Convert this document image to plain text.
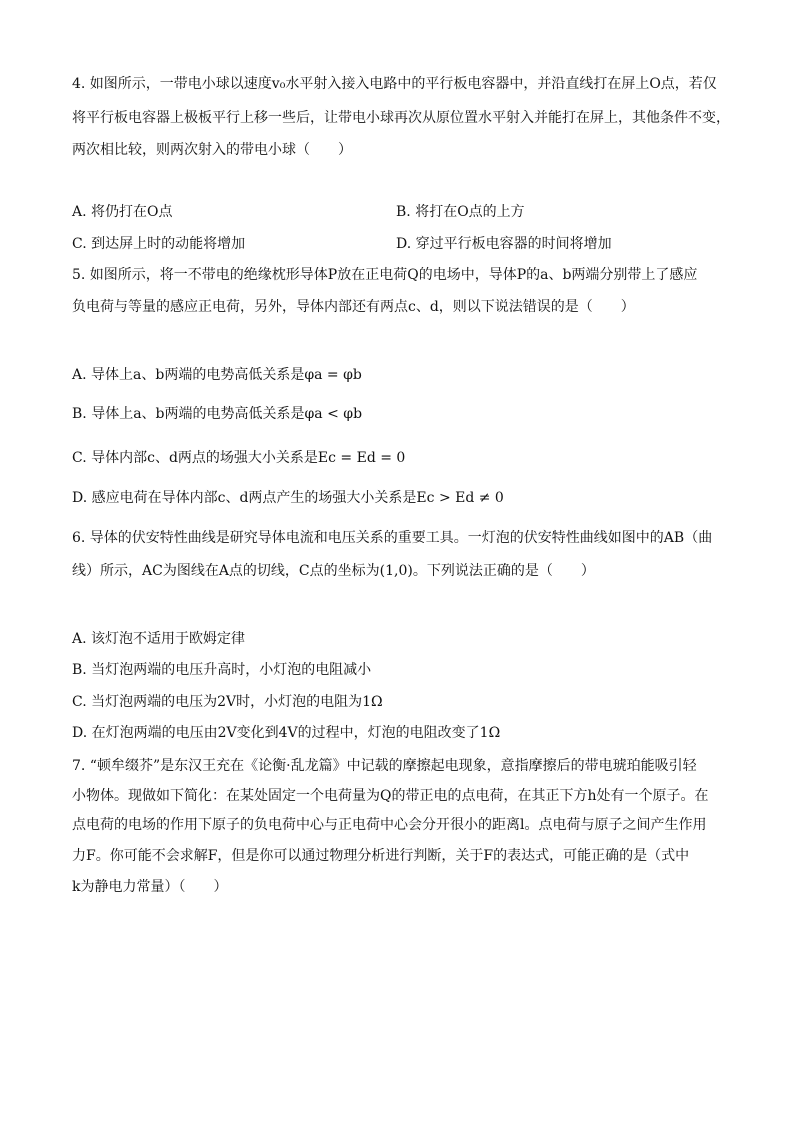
4. 如图所示，一带电小球以速度v₀水平射入接入电路中的平行板电容器中，并沿直线打在屏上O点，若仅
将平行板电容器上极板平行上移一些后，让带电小球再次从原位置水平射入并能打在屏上，其他条件不变，
两次相比较，则两次射入的带电小球（　　）
A. 将仍打在O点	B. 将打在O点的上方
C. 到达屏上时的动能将增加	D. 穿过平行板电容器的时间将增加
5. 如图所示，将一不带电的绝缘枕形导体P放在正电荷Q的电场中，导体P的a、b两端分别带上了感应
负电荷与等量的感应正电荷，另外，导体内部还有两点c、d，则以下说法错误的是（　　）
A. 导体上a、b两端的电势高低关系是φa = φb
B. 导体上a、b两端的电势高低关系是φa < φb
C. 导体内部c、d两点的场强大小关系是Ec = Ed = 0
D. 感应电荷在导体内部c、d两点产生的场强大小关系是Ec > Ed ≠ 0
6. 导体的伏安特性曲线是研究导体电流和电压关系的重要工具。一灯泡的伏安特性曲线如图中的AB（曲
线）所示，AC为图线在A点的切线，C点的坐标为(1,0)。下列说法正确的是（　　）
A. 该灯泡不适用于欧姆定律
B. 当灯泡两端的电压升高时，小灯泡的电阻减小
C. 当灯泡两端的电压为2V时，小灯泡的电阻为1Ω
D. 在灯泡两端的电压由2V变化到4V的过程中，灯泡的电阻改变了1Ω
7. “顿牟缀芥”是东汉王充在《论衡·乱龙篇》中记载的摩擦起电现象，意指摩擦后的带电琥珀能吸引轻
小物体。现做如下简化：在某处固定一个电荷量为Q的带正电的点电荷，在其正下方h处有一个原子。在
点电荷的电场的作用下原子的负电荷中心与正电荷中心会分开很小的距离l。点电荷与原子之间产生作用
力F。你可能不会求解F，但是你可以通过物理分析进行判断，关于F的表达式，可能正确的是（式中
k为静电力常量）（　　）
